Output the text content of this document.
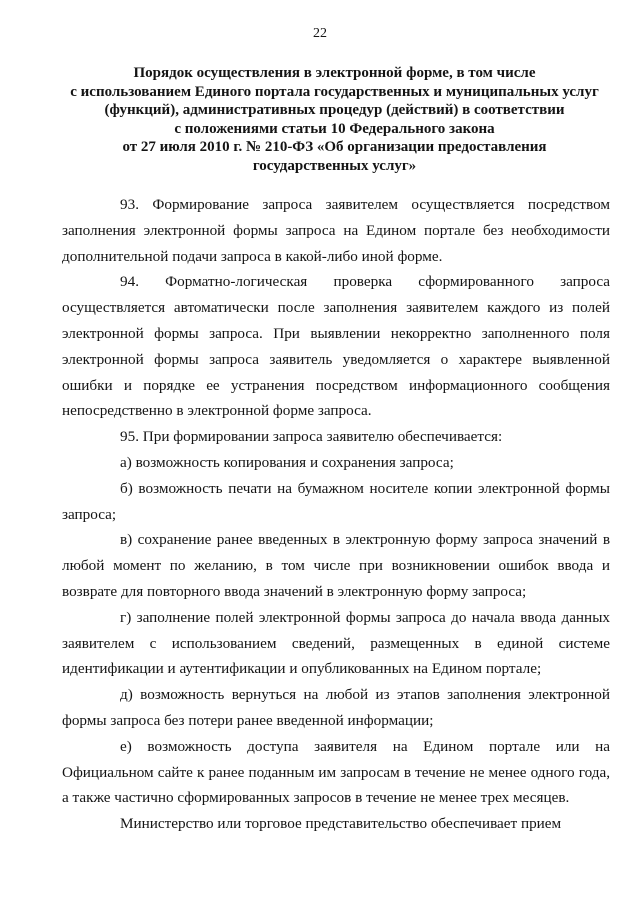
22
Порядок осуществления в электронной форме, в том числе
с использованием Единого портала государственных и муниципальных услуг
(функций), административных процедур (действий) в соответствии
с положениями статьи 10 Федерального закона
от 27 июля 2010 г. № 210-ФЗ «Об организации предоставления
государственных услуг»

93. Формирование запроса заявителем осуществляется посредством заполнения электронной формы запроса на Едином портале без необходимости дополнительной подачи запроса в какой-либо иной форме.

94. Форматно-логическая проверка сформированного запроса осуществляется автоматически после заполнения заявителем каждого из полей электронной формы запроса. При выявлении некорректно заполненного поля электронной формы запроса заявитель уведомляется о характере выявленной ошибки и порядке ее устранения посредством информационного сообщения непосредственно в электронной форме запроса.

95. При формировании запроса заявителю обеспечивается:

а) возможность копирования и сохранения запроса;

б) возможность печати на бумажном носителе копии электронной формы запроса;

в) сохранение ранее введенных в электронную форму запроса значений в любой момент по желанию, в том числе при возникновении ошибок ввода и возврате для повторного ввода значений в электронную форму запроса;

г) заполнение полей электронной формы запроса до начала ввода данных заявителем с использованием сведений, размещенных в единой системе идентификации и аутентификации и опубликованных на Едином портале;

д) возможность вернуться на любой из этапов заполнения электронной формы запроса без потери ранее введенной информации;

е) возможность доступа заявителя на Едином портале или на Официальном сайте к ранее поданным им запросам в течение не менее одного года, а также частично сформированных запросов в течение не менее трех месяцев.

Министерство или торговое представительство обеспечивает прием
